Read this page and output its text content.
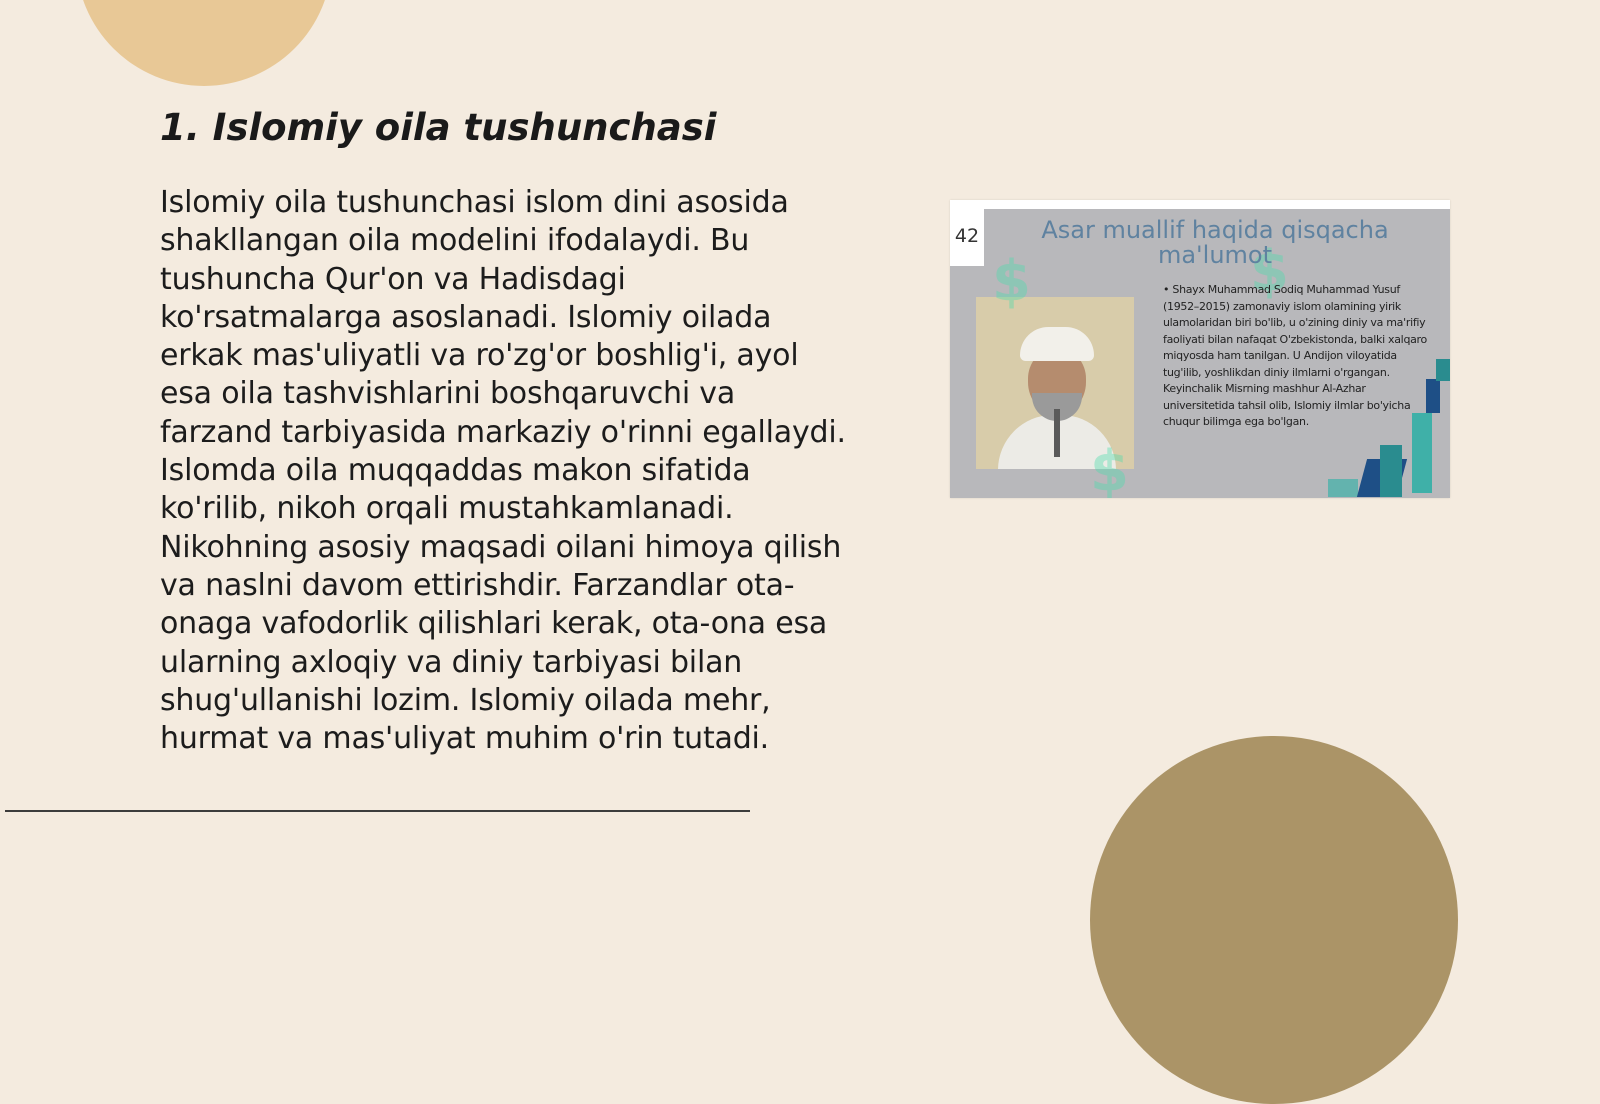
1. Islomiy oila tushunchasi

Islomiy oila tushunchasi islom dini asosida shakllangan oila modelini ifodalaydi. Bu tushuncha Qur'on va Hadisdagi ko'rsatmalarga asoslanadi. Islomiy oilada erkak mas'uliyatli va ro'zg'or boshlig'i, ayol esa oila tashvishlarini boshqaruvchi va farzand tarbiyasida markaziy o'rinni egallaydi. Islomda oila muqqaddas makon sifatida ko'rilib, nikoh orqali mustahkamlanadi. Nikohning asosiy maqsadi oilani himoya qilish va naslni davom ettirishdir. Farzandlar ota-onaga vafodorlik qilishlari kerak, ota-ona esa ularning axloqiy va diniy tarbiyasi bilan shug'ullanishi lozim. Islomiy oilada mehr, hurmat va mas'uliyat muhim o'rin tutadi.

42
$	$
$
Asar muallif haqida qisqacha ma'lumot

• Shayx Muhammad Sodiq Muhammad Yusuf (1952–2015) zamonaviy islom olamining yirik ulamolaridan biri bo'lib, u o'zining diniy va ma'rifiy faoliyati bilan nafaqat O'zbekistonda, balki xalqaro miqyosda ham tanilgan. U Andijon viloyatida tug'ilib, yoshlikdan diniy ilmlarni o'rgangan. Keyinchalik Misrning mashhur Al-Azhar universitetida tahsil olib, Islomiy ilmlar bo'yicha chuqur bilimga ega bo'lgan.
